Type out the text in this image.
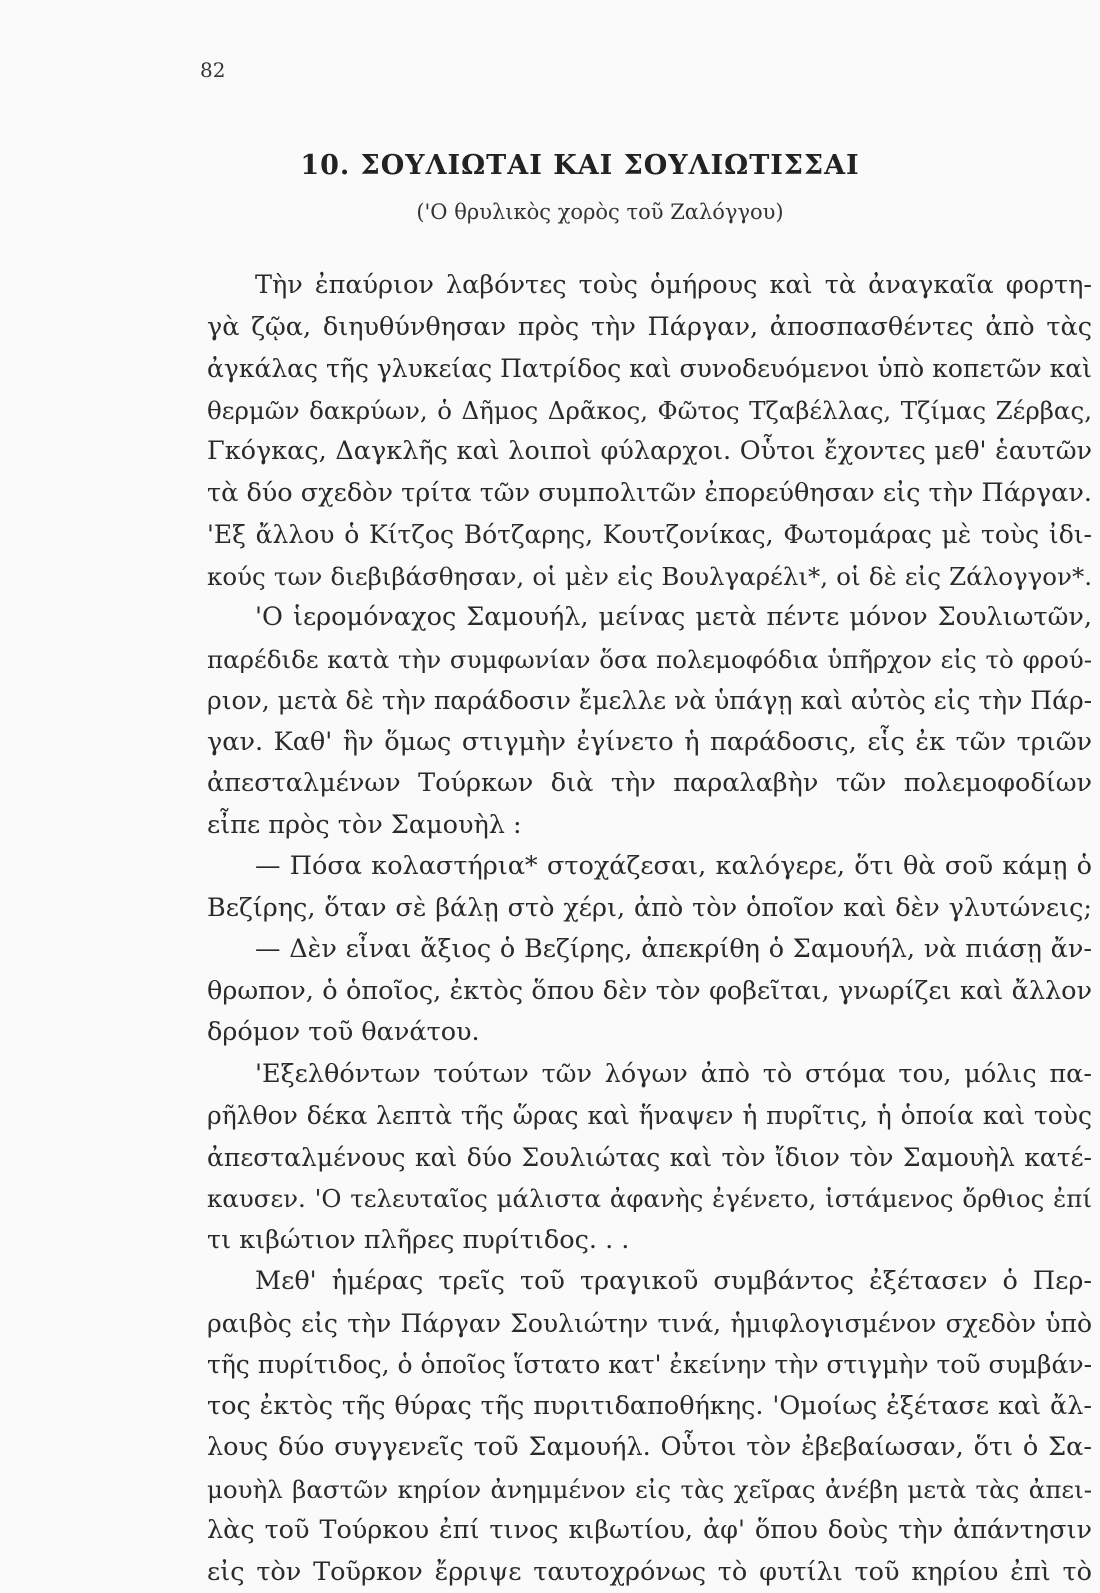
82
10. ΣΟΥΛΙΩΤΑΙ ΚΑΙ ΣΟΥΛΙΩΤΙΣΣΑΙ
('Ο θρυλικὸς χορὸς τοῦ Ζαλόγγου)
Τὴν ἐπαύριον λαβόντες τοὺς ὁμήρους καὶ τὰ ἀναγκαῖα φορτη-
γὰ ζῷα, διηυθύνθησαν πρὸς τὴν Πάργαν, ἀποσπασθέντες ἀπὸ τὰς
ἀγκάλας τῆς γλυκείας Πατρίδος καὶ συνοδευόμενοι ὑπὸ κοπετῶν καὶ
θερμῶν δακρύων, ὁ Δῆμος Δρᾶκος, Φῶτος Τζαβέλλας, Τζίμας Ζέρβας,
Γκόγκας, Δαγκλῆς καὶ λοιποὶ φύλαρχοι. Οὗτοι ἔχοντες μεθ' ἑαυτῶν
τὰ δύο σχεδὸν τρίτα τῶν συμπολιτῶν ἐπορεύθησαν εἰς τὴν Πάργαν.
'Εξ ἄλλου ὁ Κίτζος Βότζαρης, Κουτζονίκας, Φωτομάρας μὲ τοὺς ἰδι-
κούς των διεβιβάσθησαν, οἱ μὲν εἰς Βουλγαρέλι*, οἱ δὲ εἰς Ζάλογγον*.
'Ο ἱερομόναχος Σαμουήλ, μείνας μετὰ πέντε μόνον Σουλιωτῶν,
παρέδιδε κατὰ τὴν συμφωνίαν ὅσα πολεμοφόδια ὑπῆρχον εἰς τὸ φρού-
ριον, μετὰ δὲ τὴν παράδοσιν ἔμελλε νὰ ὑπάγῃ καὶ αὐτὸς εἰς τὴν Πάρ-
γαν. Καθ' ἣν ὅμως στιγμὴν ἐγίνετο ἡ παράδοσις, εἷς ἐκ τῶν τριῶν
ἀπεσταλμένων Τούρκων διὰ τὴν παραλαβὴν τῶν πολεμοφοδίων
εἶπε πρὸς τὸν Σαμουὴλ :
— Πόσα κολαστήρια* στοχάζεσαι, καλόγερε, ὅτι θὰ σοῦ κάμῃ ὁ
Βεζίρης, ὅταν σὲ βάλῃ στὸ χέρι, ἀπὸ τὸν ὁποῖον καὶ δὲν γλυτώνεις;
— Δὲν εἶναι ἄξιος ὁ Βεζίρης, ἀπεκρίθη ὁ Σαμουήλ, νὰ πιάσῃ ἄν-
θρωπον, ὁ ὁποῖος, ἐκτὸς ὅπου δὲν τὸν φοβεῖται, γνωρίζει καὶ ἄλλον
δρόμον τοῦ θανάτου.
'Εξελθόντων τούτων τῶν λόγων ἀπὸ τὸ στόμα του, μόλις πα-
ρῆλθον δέκα λεπτὰ τῆς ὥρας καὶ ἥναψεν ἡ πυρῖτις, ἡ ὁποία καὶ τοὺς
ἀπεσταλμένους καὶ δύο Σουλιώτας καὶ τὸν ἴδιον τὸν Σαμουὴλ κατέ-
καυσεν. 'Ο τελευταῖος μάλιστα ἀφανὴς ἐγένετο, ἱστάμενος ὄρθιος ἐπί
τι κιβώτιον πλῆρες πυρίτιδος. . .
Μεθ' ἡμέρας τρεῖς τοῦ τραγικοῦ συμβάντος ἐξέτασεν ὁ Περ-
ραιβὸς εἰς τὴν Πάργαν Σουλιώτην τινά, ἡμιφλογισμένον σχεδὸν ὑπὸ
τῆς πυρίτιδος, ὁ ὁποῖος ἵστατο κατ' ἐκείνην τὴν στιγμὴν τοῦ συμβάν-
τος ἐκτὸς τῆς θύρας τῆς πυριτιδαποθήκης. 'Ομοίως ἐξέτασε καὶ ἄλ-
λους δύο συγγενεῖς τοῦ Σαμουήλ. Οὗτοι τὸν ἐβεβαίωσαν, ὅτι ὁ Σα-
μουὴλ βαστῶν κηρίον ἀνημμένον εἰς τὰς χεῖρας ἀνέβη μετὰ τὰς ἀπει-
λὰς τοῦ Τούρκου ἐπί τινος κιβωτίου, ἀφ' ὅπου δοὺς τὴν ἀπάντησιν
εἰς τὸν Τοῦρκον ἔρριψε ταυτοχρόνως τὸ φυτίλι τοῦ κηρίου ἐπὶ τὸ
